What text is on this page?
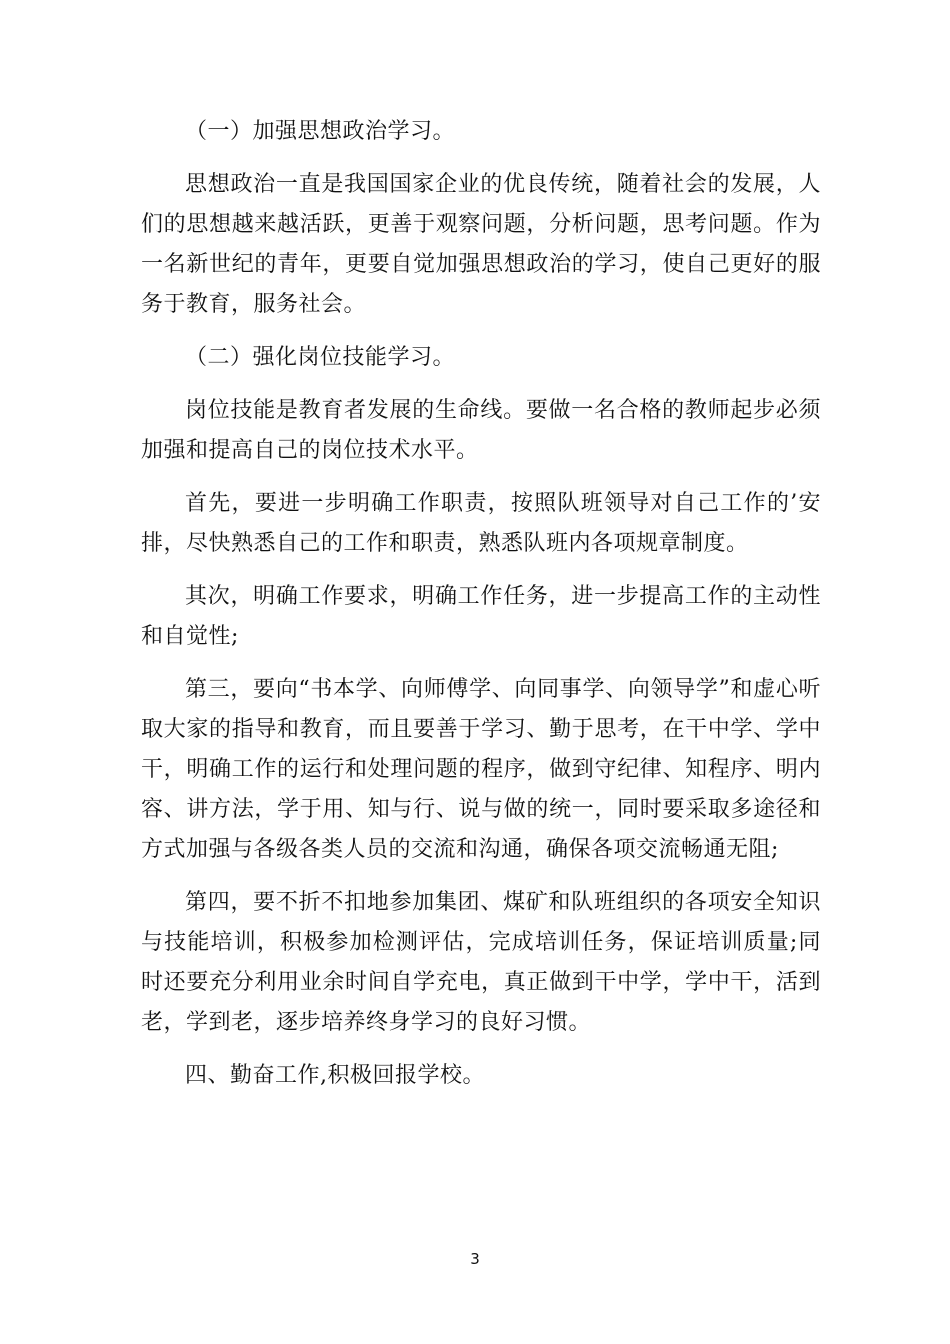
（一）加强思想政治学习。

思想政治一直是我国国家企业的优良传统，随着社会的发展，人们的思想越来越活跃，更善于观察问题，分析问题，思考问题。作为一名新世纪的青年，更要自觉加强思想政治的学习，使自己更好的服务于教育，服务社会。

（二）强化岗位技能学习。

岗位技能是教育者发展的生命线。要做一名合格的教师起步必须加强和提高自己的岗位技术水平。

首先，要进一步明确工作职责，按照队班领导对自己工作的’安排，尽快熟悉自己的工作和职责，熟悉队班内各项规章制度。

其次，明确工作要求，明确工作任务，进一步提高工作的主动性和自觉性;

第三，要向“书本学、向师傅学、向同事学、向领导学”和虚心听取大家的指导和教育，而且要善于学习、勤于思考，在干中学、学中干，明确工作的运行和处理问题的程序，做到守纪律、知程序、明内容、讲方法，学于用、知与行、说与做的统一，同时要采取多途径和方式加强与各级各类人员的交流和沟通，确保各项交流畅通无阻;

第四，要不折不扣地参加集团、煤矿和队班组织的各项安全知识与技能培训，积极参加检测评估，完成培训任务，保证培训质量;同时还要充分利用业余时间自学充电，真正做到干中学，学中干，活到老，学到老，逐步培养终身学习的良好习惯。

四、勤奋工作,积极回报学校。

3
